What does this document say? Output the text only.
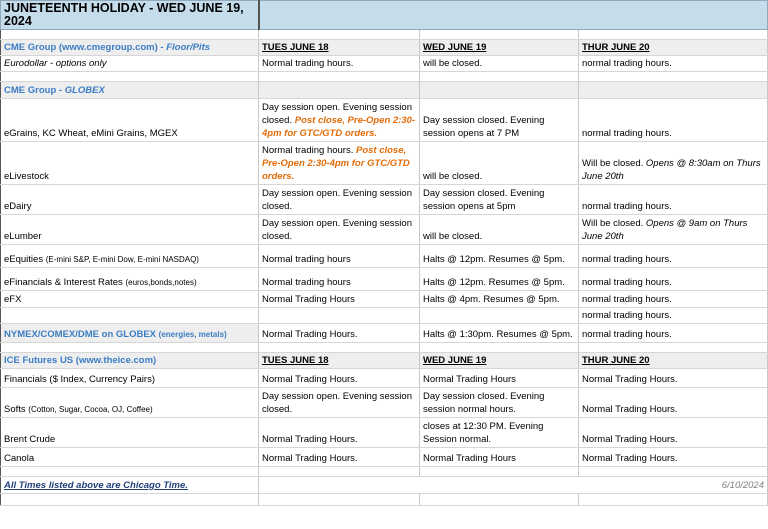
JUNETEENTH HOLIDAY - WED JUNE 19, 2024			

CME Group (www.cmegroup.com) - Floor/Pits	TUES JUNE 18	WED JUNE 19	THUR JUNE 20
Eurodollar - options only	Normal trading hours.	will be closed.	normal trading hours.

CME Group - GLOBEX			
eGrains, KC Wheat, eMini Grains, MGEX	Day session open. Evening session closed. Post close, Pre-Open 2:30-4pm for GTC/GTD orders.	Day session closed. Evening session opens at 7 PM	normal trading hours.
eLivestock	Normal trading hours. Post close, Pre-Open 2:30-4pm for GTC/GTD orders.	will be closed.	Will be closed. Opens @ 8:30am on Thurs June 20th
eDairy	Day session open. Evening session closed.	Day session closed. Evening session opens at 5pm	normal trading hours.
eLumber	Day session open. Evening session closed.	will be closed.	Will be closed. Opens @ 9am on Thurs June 20th
eEquities (E-mini S&P, E-mini Dow, E-mini NASDAQ)	Normal trading hours	Halts @ 12pm. Resumes @ 5pm.	normal trading hours.
eFinancials & Interest Rates (euros,bonds,notes)	Normal trading hours	Halts @ 12pm. Resumes @ 5pm.	normal trading hours.
eFX	Normal Trading Hours	Halts @ 4pm. Resumes @ 5pm.	normal trading hours.
			normal trading hours.
NYMEX/COMEX/DME on GLOBEX (energies, metals)	Normal Trading Hours.	Halts @ 1:30pm. Resumes @ 5pm.	normal trading hours.

ICE Futures US (www.theice.com)	TUES JUNE 18	WED JUNE 19	THUR JUNE 20
Financials ($ Index, Currency Pairs)	Normal Trading Hours.	Normal Trading Hours	Normal Trading Hours.
Softs (Cotton, Sugar, Cocoa, OJ, Coffee)	Day session open. Evening session closed.	Day session closed. Evening session normal hours.	Normal Trading Hours.
Brent Crude	Normal Trading Hours.	closes at 12:30 PM. Evening Session normal.	Normal Trading Hours.
Canola	Normal Trading Hours.	Normal Trading Hours	Normal Trading Hours.

All Times listed above are Chicago Time.	6/10/2024		
